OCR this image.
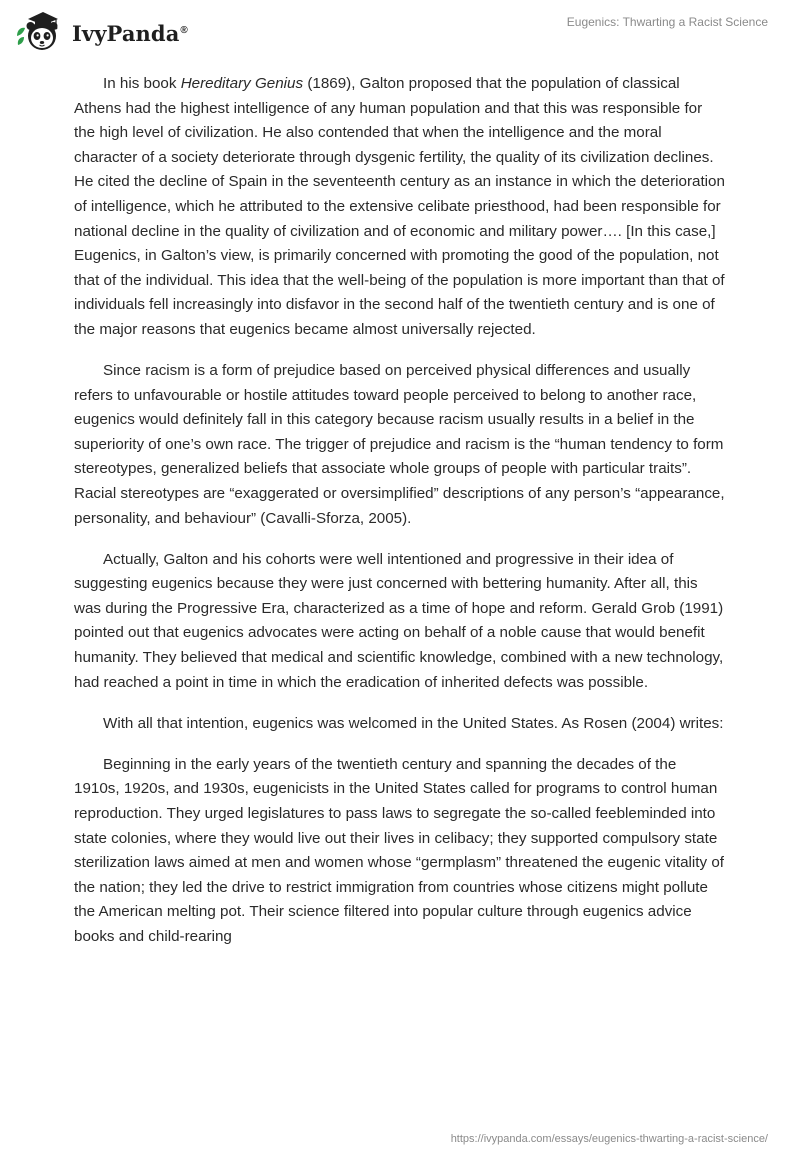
IvyPanda®
Eugenics: Thwarting a Racist Science

In his book Hereditary Genius (1869), Galton proposed that the population of classical Athens had the highest intelligence of any human population and that this was responsible for the high level of civilization. He also contended that when the intelligence and the moral character of a society deteriorate through dysgenic fertility, the quality of its civilization declines. He cited the decline of Spain in the seventeenth century as an instance in which the deterioration of intelligence, which he attributed to the extensive celibate priesthood, had been responsible for national decline in the quality of civilization and of economic and military power…. [In this case,] Eugenics, in Galton’s view, is primarily concerned with promoting the good of the population, not that of the individual. This idea that the well-being of the population is more important than that of individuals fell increasingly into disfavor in the second half of the twentieth century and is one of the major reasons that eugenics became almost universally rejected.

Since racism is a form of prejudice based on perceived physical differences and usually refers to unfavourable or hostile attitudes toward people perceived to belong to another race, eugenics would definitely fall in this category because racism usually results in a belief in the superiority of one’s own race. The trigger of prejudice and racism is the “human tendency to form stereotypes, generalized beliefs that associate whole groups of people with particular traits”. Racial stereotypes are “exaggerated or oversimplified” descriptions of any person’s “appearance, personality, and behaviour” (Cavalli-Sforza, 2005).

Actually, Galton and his cohorts were well intentioned and progressive in their idea of suggesting eugenics because they were just concerned with bettering humanity. After all, this was during the Progressive Era, characterized as a time of hope and reform. Gerald Grob (1991) pointed out that eugenics advocates were acting on behalf of a noble cause that would benefit humanity. They believed that medical and scientific knowledge, combined with a new technology, had reached a point in time in which the eradication of inherited defects was possible.

With all that intention, eugenics was welcomed in the United States. As Rosen (2004) writes:

Beginning in the early years of the twentieth century and spanning the decades of the 1910s, 1920s, and 1930s, eugenicists in the United States called for programs to control human reproduction. They urged legislatures to pass laws to segregate the so-called feebleminded into state colonies, where they would live out their lives in celibacy; they supported compulsory state sterilization laws aimed at men and women whose “germplasm” threatened the eugenic vitality of the nation; they led the drive to restrict immigration from countries whose citizens might pollute the American melting pot. Their science filtered into popular culture through eugenics advice books and child-rearing

https://ivypanda.com/essays/eugenics-thwarting-a-racist-science/
